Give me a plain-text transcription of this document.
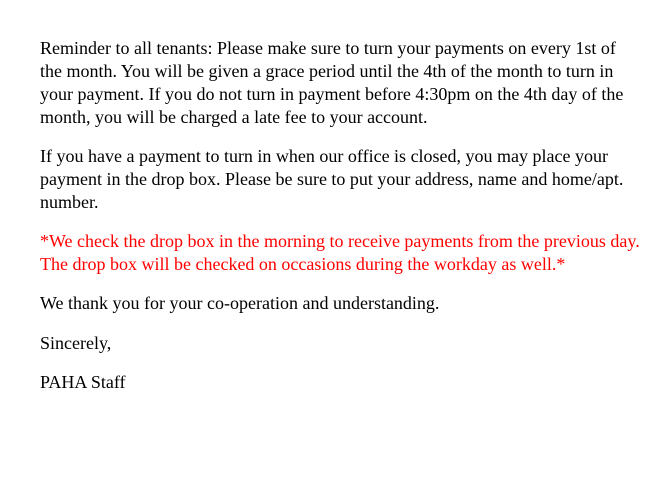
Reminder to all tenants: Please make sure to turn your payments on every 1st of the month. You will be given a grace period until the 4th of the month to turn in your payment. If you do not turn in payment before 4:30pm on the 4th day of the month, you will be charged a late fee to your account.

If you have a payment to turn in when our office is closed, you may place your payment in the drop box. Please be sure to put your address, name and home/apt. number.

*We check the drop box in the morning to receive payments from the previous day. The drop box will be checked on occasions during the workday as well.*

We thank you for your co-operation and understanding.

Sincerely,

PAHA Staff
